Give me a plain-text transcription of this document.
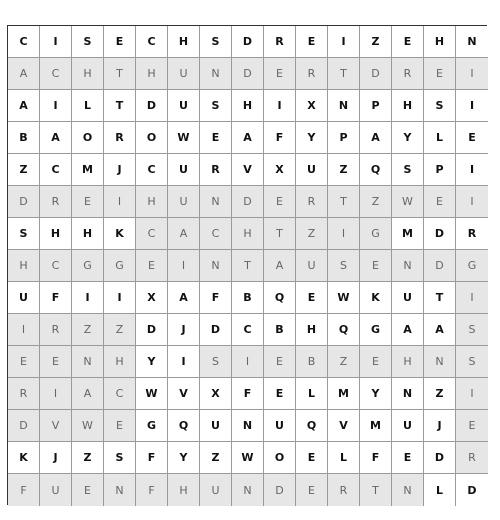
C	I	S	E	C	H	S	D	R	E	I	Z	E	H	N
A	C	H	T	H	U	N	D	E	R	T	D	R	E	I
A	I	L	T	D	U	S	H	I	X	N	P	H	S	I
B	A	O	R	O	W	E	A	F	Y	P	A	Y	L	E
Z	C	M	J	C	U	R	V	X	U	Z	Q	S	P	I
D	R	E	I	H	U	N	D	E	R	T	Z	W	E	I
S	H	H	K	C	A	C	H	T	Z	I	G	M	D	R
H	C	G	G	E	I	N	T	A	U	S	E	N	D	G
U	F	I	I	X	A	F	B	Q	E	W	K	U	T	I
I	R	Z	Z	D	J	D	C	B	H	Q	G	A	A	S
E	E	N	H	Y	I	S	I	E	B	Z	E	H	N	S
R	I	A	C	W	V	X	F	E	L	M	Y	N	Z	I
D	V	W	E	G	Q	U	N	U	Q	V	M	U	J	E
K	J	Z	S	F	Y	Z	W	O	E	L	F	E	D	R
F	U	E	N	F	H	U	N	D	E	R	T	N	L	D
